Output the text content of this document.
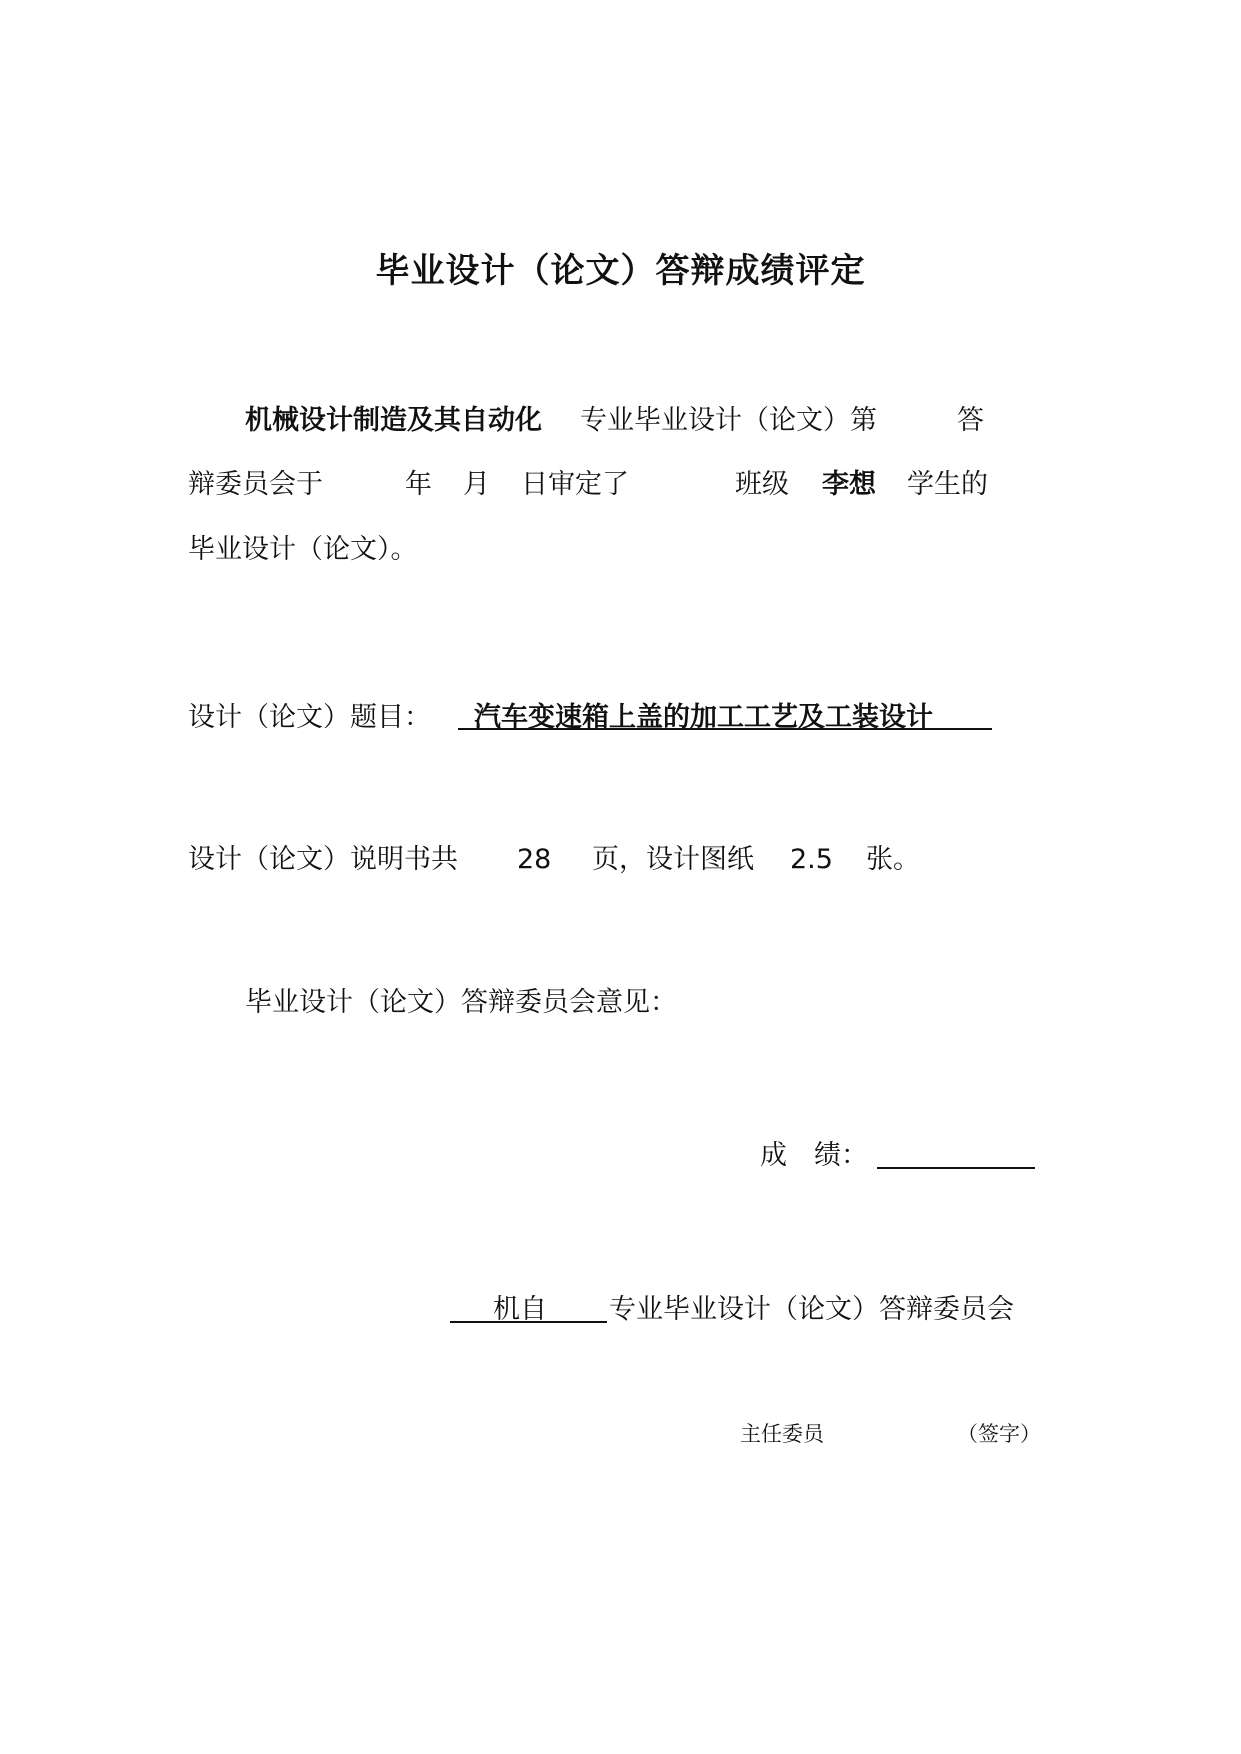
毕业设计（论文）答辩成绩评定
机械设计制造及其自动化 专业毕业设计（论文）第	答
辩委员会于	年 月 日审定了	班级 李想 学生的
毕业设计（论文）。
设计（论文）题目： 汽车变速箱上盖的加工工艺及工装设计
设计（论文）说明书共 28 页，设计图纸 2.5 张。
毕业设计（论文）答辩委员会意见：
成　绩：
机自 专业毕业设计（论文）答辩委员会
主任委员	（签字）
